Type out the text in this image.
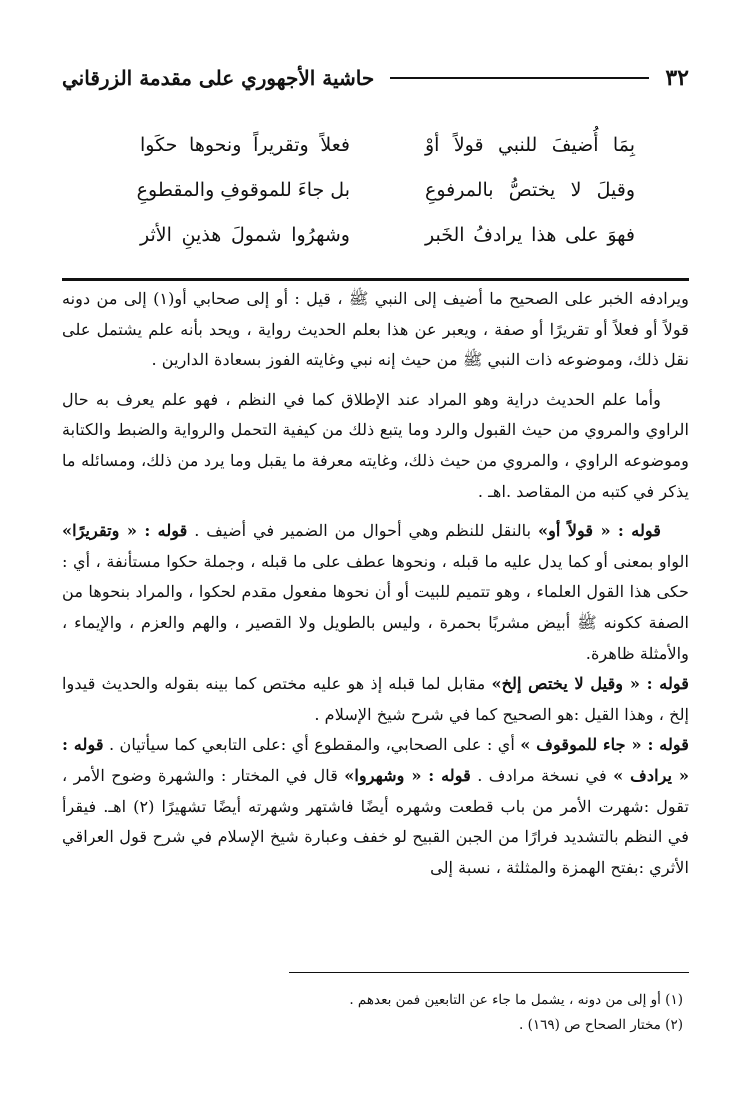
حاشية الأجهوري على مقدمة الزرقاني	٣٢
بِمَا أُضيفَ للنبي قولاً أوْ
فعلاً وتقريراً ونحوها حكَوا
وقيلَ لا يختصُّ بالمرفوعِ
بل جاءَ للموقوفِ والمقطوعِ
فهوَ على هذا يرادفُ الخَبر
وشهرُوا شمولَ هذينِ الأثر

ويرادفه الخبر على الصحيح ما أضيف إلى النبي ﷺ ، قيل : أو إلى صحابي أو(١) إلى من دونه قولاً أو فعلاً أو تقريرًا أو صفة ، ويعبر عن هذا بعلم الحديث رواية ، ويحد بأنه علم يشتمل على نقل ذلك، وموضوعه ذات النبي ﷺ من حيث إنه نبي وغايته الفوز بسعادة الدارين .

وأما علم الحديث دراية وهو المراد عند الإطلاق كما في النظم ، فهو علم يعرف به حال الراوي والمروي من حيث القبول والرد وما يتبع ذلك من كيفية التحمل والرواية والضبط والكتابة وموضوعه الراوي ، والمروي من حيث ذلك، وغايته معرفة ما يقبل وما يرد من ذلك، ومسائله ما يذكر في كتبه من المقاصد .اهـ .

قوله : « قولاً أو» بالنقل للنظم وهي أحوال من الضمير في أضيف . قوله : « وتقريرًا» الواو بمعنى أو كما يدل عليه ما قبله ، ونحوها عطف على ما قبله ، وجملة حكوا مستأنفة ، أي : حكى هذا القول العلماء ، وهو تتميم للبيت أو أن نحوها مفعول مقدم لحكوا ، والمراد بنحوها من الصفة ككونه ﷺ أبيض مشربًا بحمرة ، وليس بالطويل ولا القصير ، والهم والعزم ، والإيماء ، والأمثلة ظاهرة.

قوله : « وقيل لا يختص إلخ» مقابل لما قبله إذ هو عليه مختص كما بينه بقوله والحديث قيدوا إلخ ، وهذا القيل :هو الصحيح كما في شرح شيخ الإسلام .

قوله : « جاء للموقوف » أي : على الصحابي، والمقطوع أي :على التابعي كما سيأتيان . قوله : « يرادف » في نسخة مرادف . قوله : « وشهروا» قال في المختار : والشهرة وضوح الأمر ، تقول :شهرت الأمر من باب قطعت وشهره أيضًا فاشتهر وشهرته أيضًا تشهيرًا (٢) اهـ. فيقرأ في النظم بالتشديد فرارًا من الجبن القبيح لو خفف وعبارة شيخ الإسلام في شرح قول العراقي الأثري :بفتح الهمزة والمثلثة ، نسبة إلى

(١) أو إلى من دونه ، يشمل ما جاء عن التابعين فمن بعدهم .

(٢) مختار الصحاح ص (١٦٩) .
